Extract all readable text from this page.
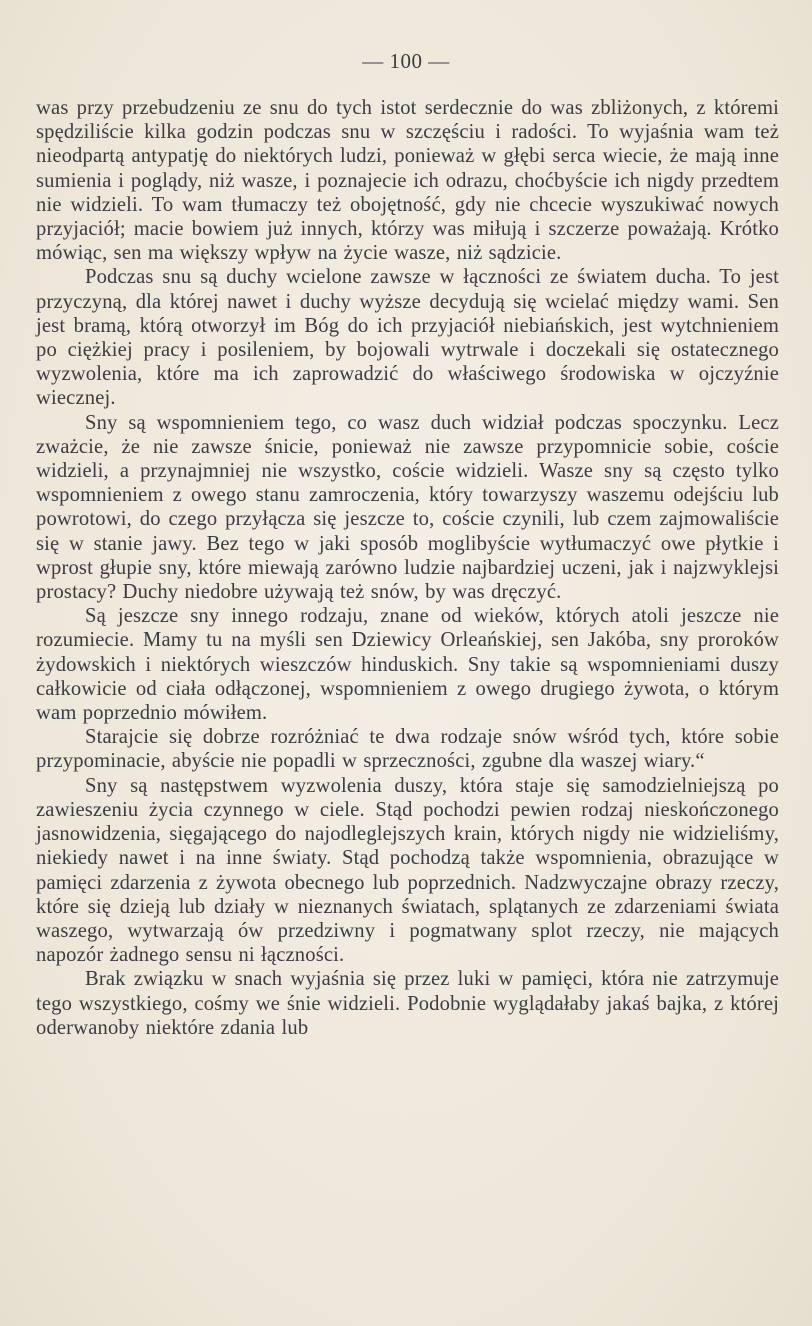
— 100 —

was przy przebudzeniu ze snu do tych istot serdecznie do was zbliżonych, z któremi spędziliście kilka godzin podczas snu w szczęściu i radości. To wyjaśnia wam też nieodpartą antypatję do niektórych ludzi, ponieważ w głębi serca wiecie, że mają inne sumienia i poglądy, niż wasze, i poznajecie ich odrazu, choćbyście ich nigdy przedtem nie widzieli. To wam tłumaczy też obojętność, gdy nie chcecie wyszukiwać nowych przyjaciół; macie bowiem już innych, którzy was miłują i szczerze poważają. Krótko mówiąc, sen ma większy wpływ na życie wasze, niż sądzicie.

Podczas snu są duchy wcielone zawsze w łączności ze światem ducha. To jest przyczyną, dla której nawet i duchy wyższe decydują się wcielać między wami. Sen jest bramą, którą otworzył im Bóg do ich przyjaciół niebiańskich, jest wytchnieniem po ciężkiej pracy i posileniem, by bojowali wytrwale i doczekali się ostatecznego wyzwolenia, które ma ich zaprowadzić do właściwego środowiska w ojczyźnie wiecznej.

Sny są wspomnieniem tego, co wasz duch widział podczas spoczynku. Lecz zważcie, że nie zawsze śnicie, ponieważ nie zawsze przypomnicie sobie, coście widzieli, a przynajmniej nie wszystko, coście widzieli. Wasze sny są często tylko wspomnieniem z owego stanu zamroczenia, który towarzyszy waszemu odejściu lub powrotowi, do czego przyłącza się jeszcze to, coście czynili, lub czem zajmowaliście się w stanie jawy. Bez tego w jaki sposób moglibyście wytłumaczyć owe płytkie i wprost głupie sny, które miewają zarówno ludzie najbardziej uczeni, jak i najzwyklejsi prostacy? Duchy niedobre używają też snów, by was dręczyć.

Są jeszcze sny innego rodzaju, znane od wieków, których atoli jeszcze nie rozumiecie. Mamy tu na myśli sen Dziewicy Orleańskiej, sen Jakóba, sny proroków żydowskich i niektórych wieszczów hinduskich. Sny takie są wspomnieniami duszy całkowicie od ciała odłączonej, wspomnieniem z owego drugiego żywota, o którym wam poprzednio mówiłem.

Starajcie się dobrze rozróżniać te dwa rodzaje snów wśród tych, które sobie przypominacie, abyście nie popadli w sprzeczności, zgubne dla waszej wiary.“

Sny są następstwem wyzwolenia duszy, która staje się samodzielniejszą po zawieszeniu życia czynnego w ciele. Stąd pochodzi pewien rodzaj nieskończonego jasnowidzenia, sięgającego do najodleglejszych krain, których nigdy nie widzieliśmy, niekiedy nawet i na inne światy. Stąd pochodzą także wspomnienia, obrazujące w pamięci zdarzenia z żywota obecnego lub poprzednich. Nadzwyczajne obrazy rzeczy, które się dzieją lub działy w nieznanych światach, splątanych ze zdarzeniami świata waszego, wytwarzają ów przedziwny i pogmatwany splot rzeczy, nie mających napozór żadnego sensu ni łączności.

Brak związku w snach wyjaśnia się przez luki w pamięci, która nie zatrzymuje tego wszystkiego, cośmy we śnie widzieli. Podobnie wyglądałaby jakaś bajka, z której oderwanoby niektóre zdania lub
